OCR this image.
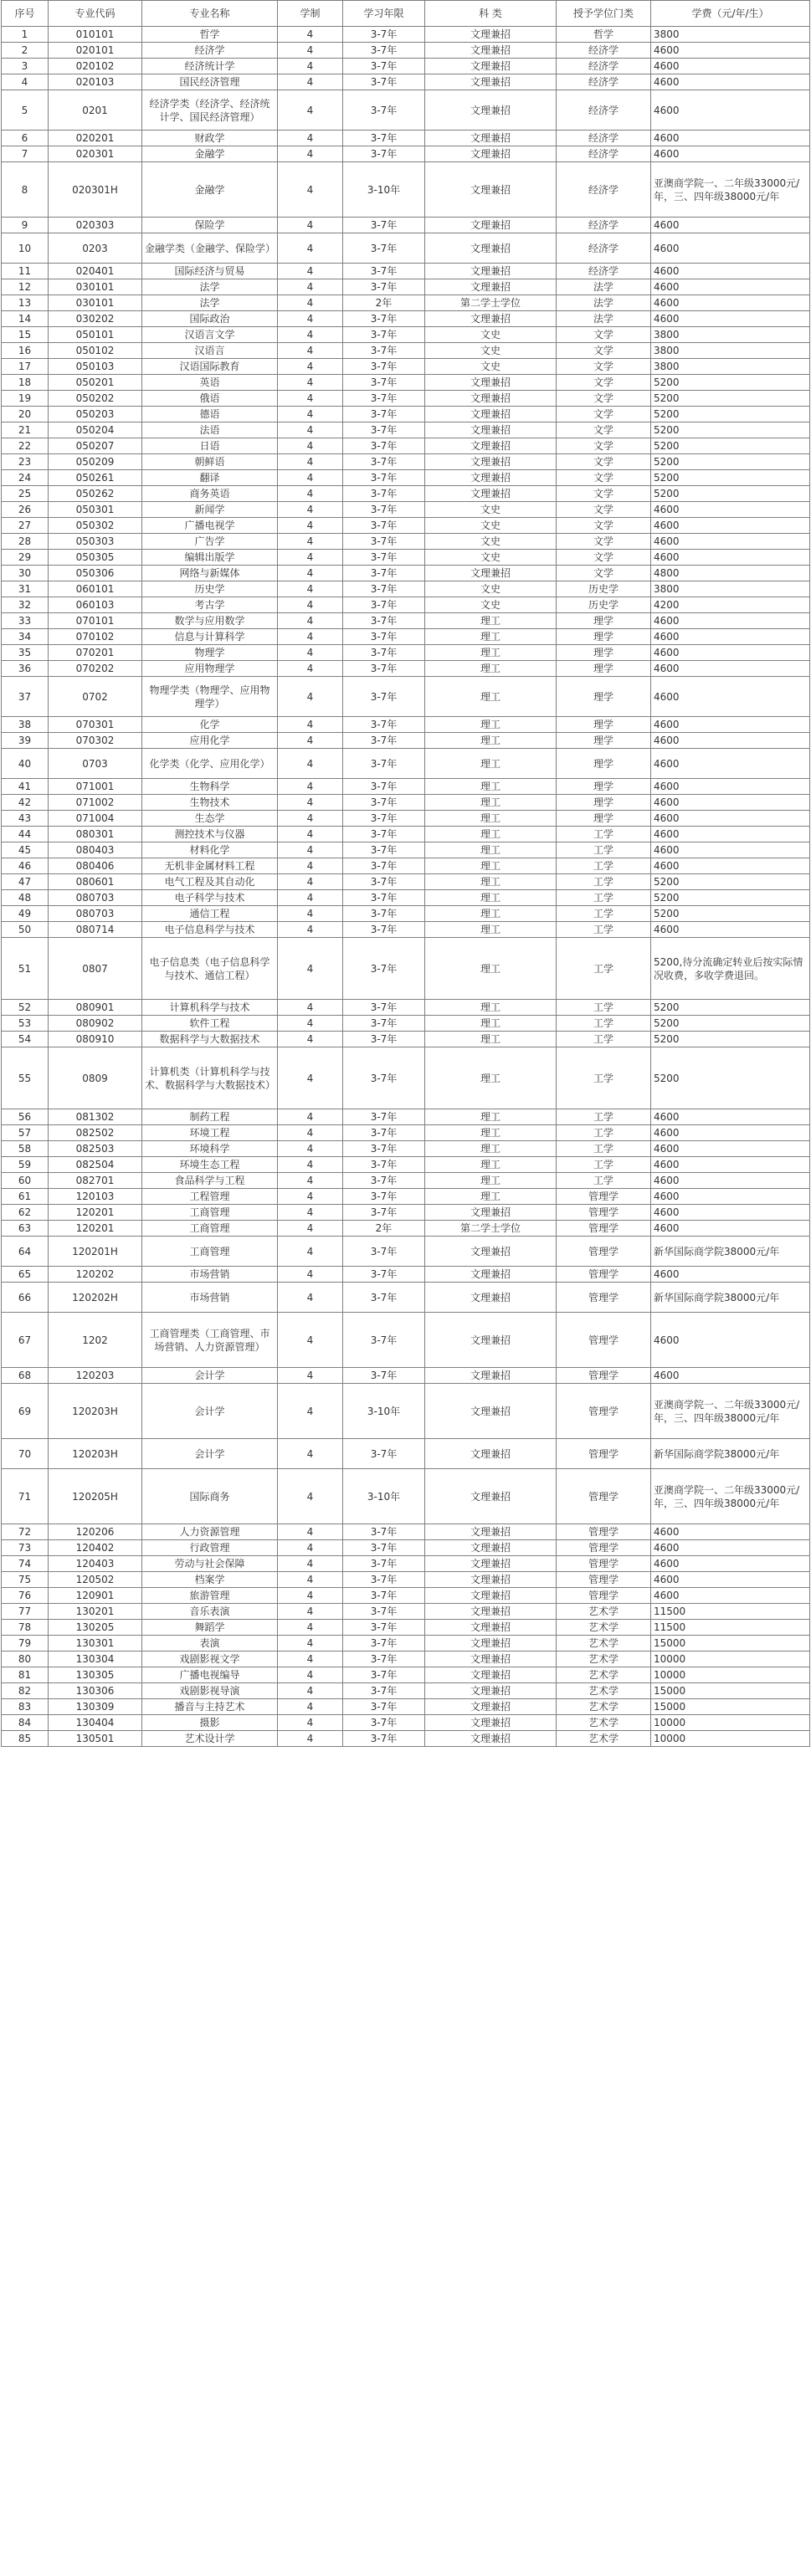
序号	专业代码	专业名称	学制	学习年限	科 类	授予学位门类	学费（元/年/生）
1	010101	哲学	4	3-7年	文理兼招	哲学	3800
2	020101	经济学	4	3-7年	文理兼招	经济学	4600
3	020102	经济统计学	4	3-7年	文理兼招	经济学	4600
4	020103	国民经济管理	4	3-7年	文理兼招	经济学	4600
5	0201	经济学类（经济学、经济统计学、国民经济管理）	4	3-7年	文理兼招	经济学	4600
6	020201	财政学	4	3-7年	文理兼招	经济学	4600
7	020301	金融学	4	3-7年	文理兼招	经济学	4600
8	020301H	金融学	4	3-10年	文理兼招	经济学	亚澳商学院一、二年级33000元/年，三、四年级38000元/年
9	020303	保险学	4	3-7年	文理兼招	经济学	4600
10	0203	金融学类（金融学、保险学）	4	3-7年	文理兼招	经济学	4600
11	020401	国际经济与贸易	4	3-7年	文理兼招	经济学	4600
12	030101	法学	4	3-7年	文理兼招	法学	4600
13	030101	法学	4	2年	第二学士学位	法学	4600
14	030202	国际政治	4	3-7年	文理兼招	法学	4600
15	050101	汉语言文学	4	3-7年	文史	文学	3800
16	050102	汉语言	4	3-7年	文史	文学	3800
17	050103	汉语国际教育	4	3-7年	文史	文学	3800
18	050201	英语	4	3-7年	文理兼招	文学	5200
19	050202	俄语	4	3-7年	文理兼招	文学	5200
20	050203	德语	4	3-7年	文理兼招	文学	5200
21	050204	法语	4	3-7年	文理兼招	文学	5200
22	050207	日语	4	3-7年	文理兼招	文学	5200
23	050209	朝鲜语	4	3-7年	文理兼招	文学	5200
24	050261	翻译	4	3-7年	文理兼招	文学	5200
25	050262	商务英语	4	3-7年	文理兼招	文学	5200
26	050301	新闻学	4	3-7年	文史	文学	4600
27	050302	广播电视学	4	3-7年	文史	文学	4600
28	050303	广告学	4	3-7年	文史	文学	4600
29	050305	编辑出版学	4	3-7年	文史	文学	4600
30	050306	网络与新媒体	4	3-7年	文理兼招	文学	4800
31	060101	历史学	4	3-7年	文史	历史学	3800
32	060103	考古学	4	3-7年	文史	历史学	4200
33	070101	数学与应用数学	4	3-7年	理工	理学	4600
34	070102	信息与计算科学	4	3-7年	理工	理学	4600
35	070201	物理学	4	3-7年	理工	理学	4600
36	070202	应用物理学	4	3-7年	理工	理学	4600
37	0702	物理学类（物理学、应用物理学）	4	3-7年	理工	理学	4600
38	070301	化学	4	3-7年	理工	理学	4600
39	070302	应用化学	4	3-7年	理工	理学	4600
40	0703	化学类（化学、应用化学）	4	3-7年	理工	理学	4600
41	071001	生物科学	4	3-7年	理工	理学	4600
42	071002	生物技术	4	3-7年	理工	理学	4600
43	071004	生态学	4	3-7年	理工	理学	4600
44	080301	测控技术与仪器	4	3-7年	理工	工学	4600
45	080403	材料化学	4	3-7年	理工	工学	4600
46	080406	无机非金属材料工程	4	3-7年	理工	工学	4600
47	080601	电气工程及其自动化	4	3-7年	理工	工学	5200
48	080703	电子科学与技术	4	3-7年	理工	工学	5200
49	080703	通信工程	4	3-7年	理工	工学	5200
50	080714	电子信息科学与技术	4	3-7年	理工	工学	4600
51	0807	电子信息类（电子信息科学与技术、通信工程）	4	3-7年	理工	工学	5200,待分流确定转业后按实际情况收费，多收学费退回。
52	080901	计算机科学与技术	4	3-7年	理工	工学	5200
53	080902	软件工程	4	3-7年	理工	工学	5200
54	080910	数据科学与大数据技术	4	3-7年	理工	工学	5200
55	0809	计算机类（计算机科学与技术、数据科学与大数据技术）	4	3-7年	理工	工学	5200
56	081302	制药工程	4	3-7年	理工	工学	4600
57	082502	环境工程	4	3-7年	理工	工学	4600
58	082503	环境科学	4	3-7年	理工	工学	4600
59	082504	环境生态工程	4	3-7年	理工	工学	4600
60	082701	食品科学与工程	4	3-7年	理工	工学	4600
61	120103	工程管理	4	3-7年	理工	管理学	4600
62	120201	工商管理	4	3-7年	文理兼招	管理学	4600
63	120201	工商管理	4	2年	第二学士学位	管理学	4600
64	120201H	工商管理	4	3-7年	文理兼招	管理学	新华国际商学院38000元/年
65	120202	市场营销	4	3-7年	文理兼招	管理学	4600
66	120202H	市场营销	4	3-7年	文理兼招	管理学	新华国际商学院38000元/年
67	1202	工商管理类（工商管理、市场营销、人力资源管理）	4	3-7年	文理兼招	管理学	4600
68	120203	会计学	4	3-7年	文理兼招	管理学	4600
69	120203H	会计学	4	3-10年	文理兼招	管理学	亚澳商学院一、二年级33000元/年，三、四年级38000元/年
70	120203H	会计学	4	3-7年	文理兼招	管理学	新华国际商学院38000元/年
71	120205H	国际商务	4	3-10年	文理兼招	管理学	亚澳商学院一、二年级33000元/年，三、四年级38000元/年
72	120206	人力资源管理	4	3-7年	文理兼招	管理学	4600
73	120402	行政管理	4	3-7年	文理兼招	管理学	4600
74	120403	劳动与社会保障	4	3-7年	文理兼招	管理学	4600
75	120502	档案学	4	3-7年	文理兼招	管理学	4600
76	120901	旅游管理	4	3-7年	文理兼招	管理学	4600
77	130201	音乐表演	4	3-7年	文理兼招	艺术学	11500
78	130205	舞蹈学	4	3-7年	文理兼招	艺术学	11500
79	130301	表演	4	3-7年	文理兼招	艺术学	15000
80	130304	戏剧影视文学	4	3-7年	文理兼招	艺术学	10000
81	130305	广播电视编导	4	3-7年	文理兼招	艺术学	10000
82	130306	戏剧影视导演	4	3-7年	文理兼招	艺术学	15000
83	130309	播音与主持艺术	4	3-7年	文理兼招	艺术学	15000
84	130404	摄影	4	3-7年	文理兼招	艺术学	10000
85	130501	艺术设计学	4	3-7年	文理兼招	艺术学	10000
